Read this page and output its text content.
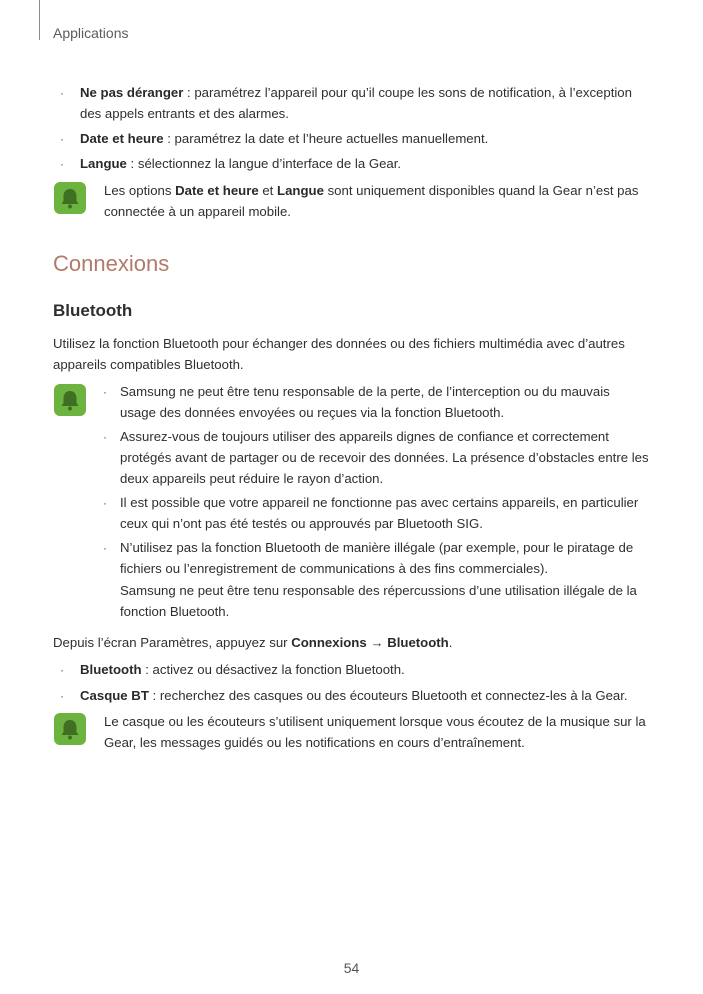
Applications
· Ne pas déranger : paramétrez l’appareil pour qu’il coupe les sons de notification, à l’exception
des appels entrants et des alarmes.
· Date et heure : paramétrez la date et l’heure actuelles manuellement.
· Langue : sélectionnez la langue d’interface de la Gear.
Les options Date et heure et Langue sont uniquement disponibles quand la Gear n’est pas
connectée à un appareil mobile.
Connexions
Bluetooth
Utilisez la fonction Bluetooth pour échanger des données ou des fichiers multimédia avec d’autres
appareils compatibles Bluetooth.
· Samsung ne peut être tenu responsable de la perte, de l’interception ou du mauvais
usage des données envoyées ou reçues via la fonction Bluetooth.
· Assurez-vous de toujours utiliser des appareils dignes de confiance et correctement
protégés avant de partager ou de recevoir des données. La présence d’obstacles entre les
deux appareils peut réduire le rayon d’action.
· Il est possible que votre appareil ne fonctionne pas avec certains appareils, en particulier
ceux qui n’ont pas été testés ou approuvés par Bluetooth SIG.
· N’utilisez pas la fonction Bluetooth de manière illégale (par exemple, pour le piratage de
fichiers ou l’enregistrement de communications à des fins commerciales).
Samsung ne peut être tenu responsable des répercussions d’une utilisation illégale de la
fonction Bluetooth.
Depuis l’écran Paramètres, appuyez sur Connexions → Bluetooth.
· Bluetooth : activez ou désactivez la fonction Bluetooth.
· Casque BT : recherchez des casques ou des écouteurs Bluetooth et connectez-les à la Gear.
Le casque ou les écouteurs s’utilisent uniquement lorsque vous écoutez de la musique sur la
Gear, les messages guidés ou les notifications en cours d’entraînement.
54
